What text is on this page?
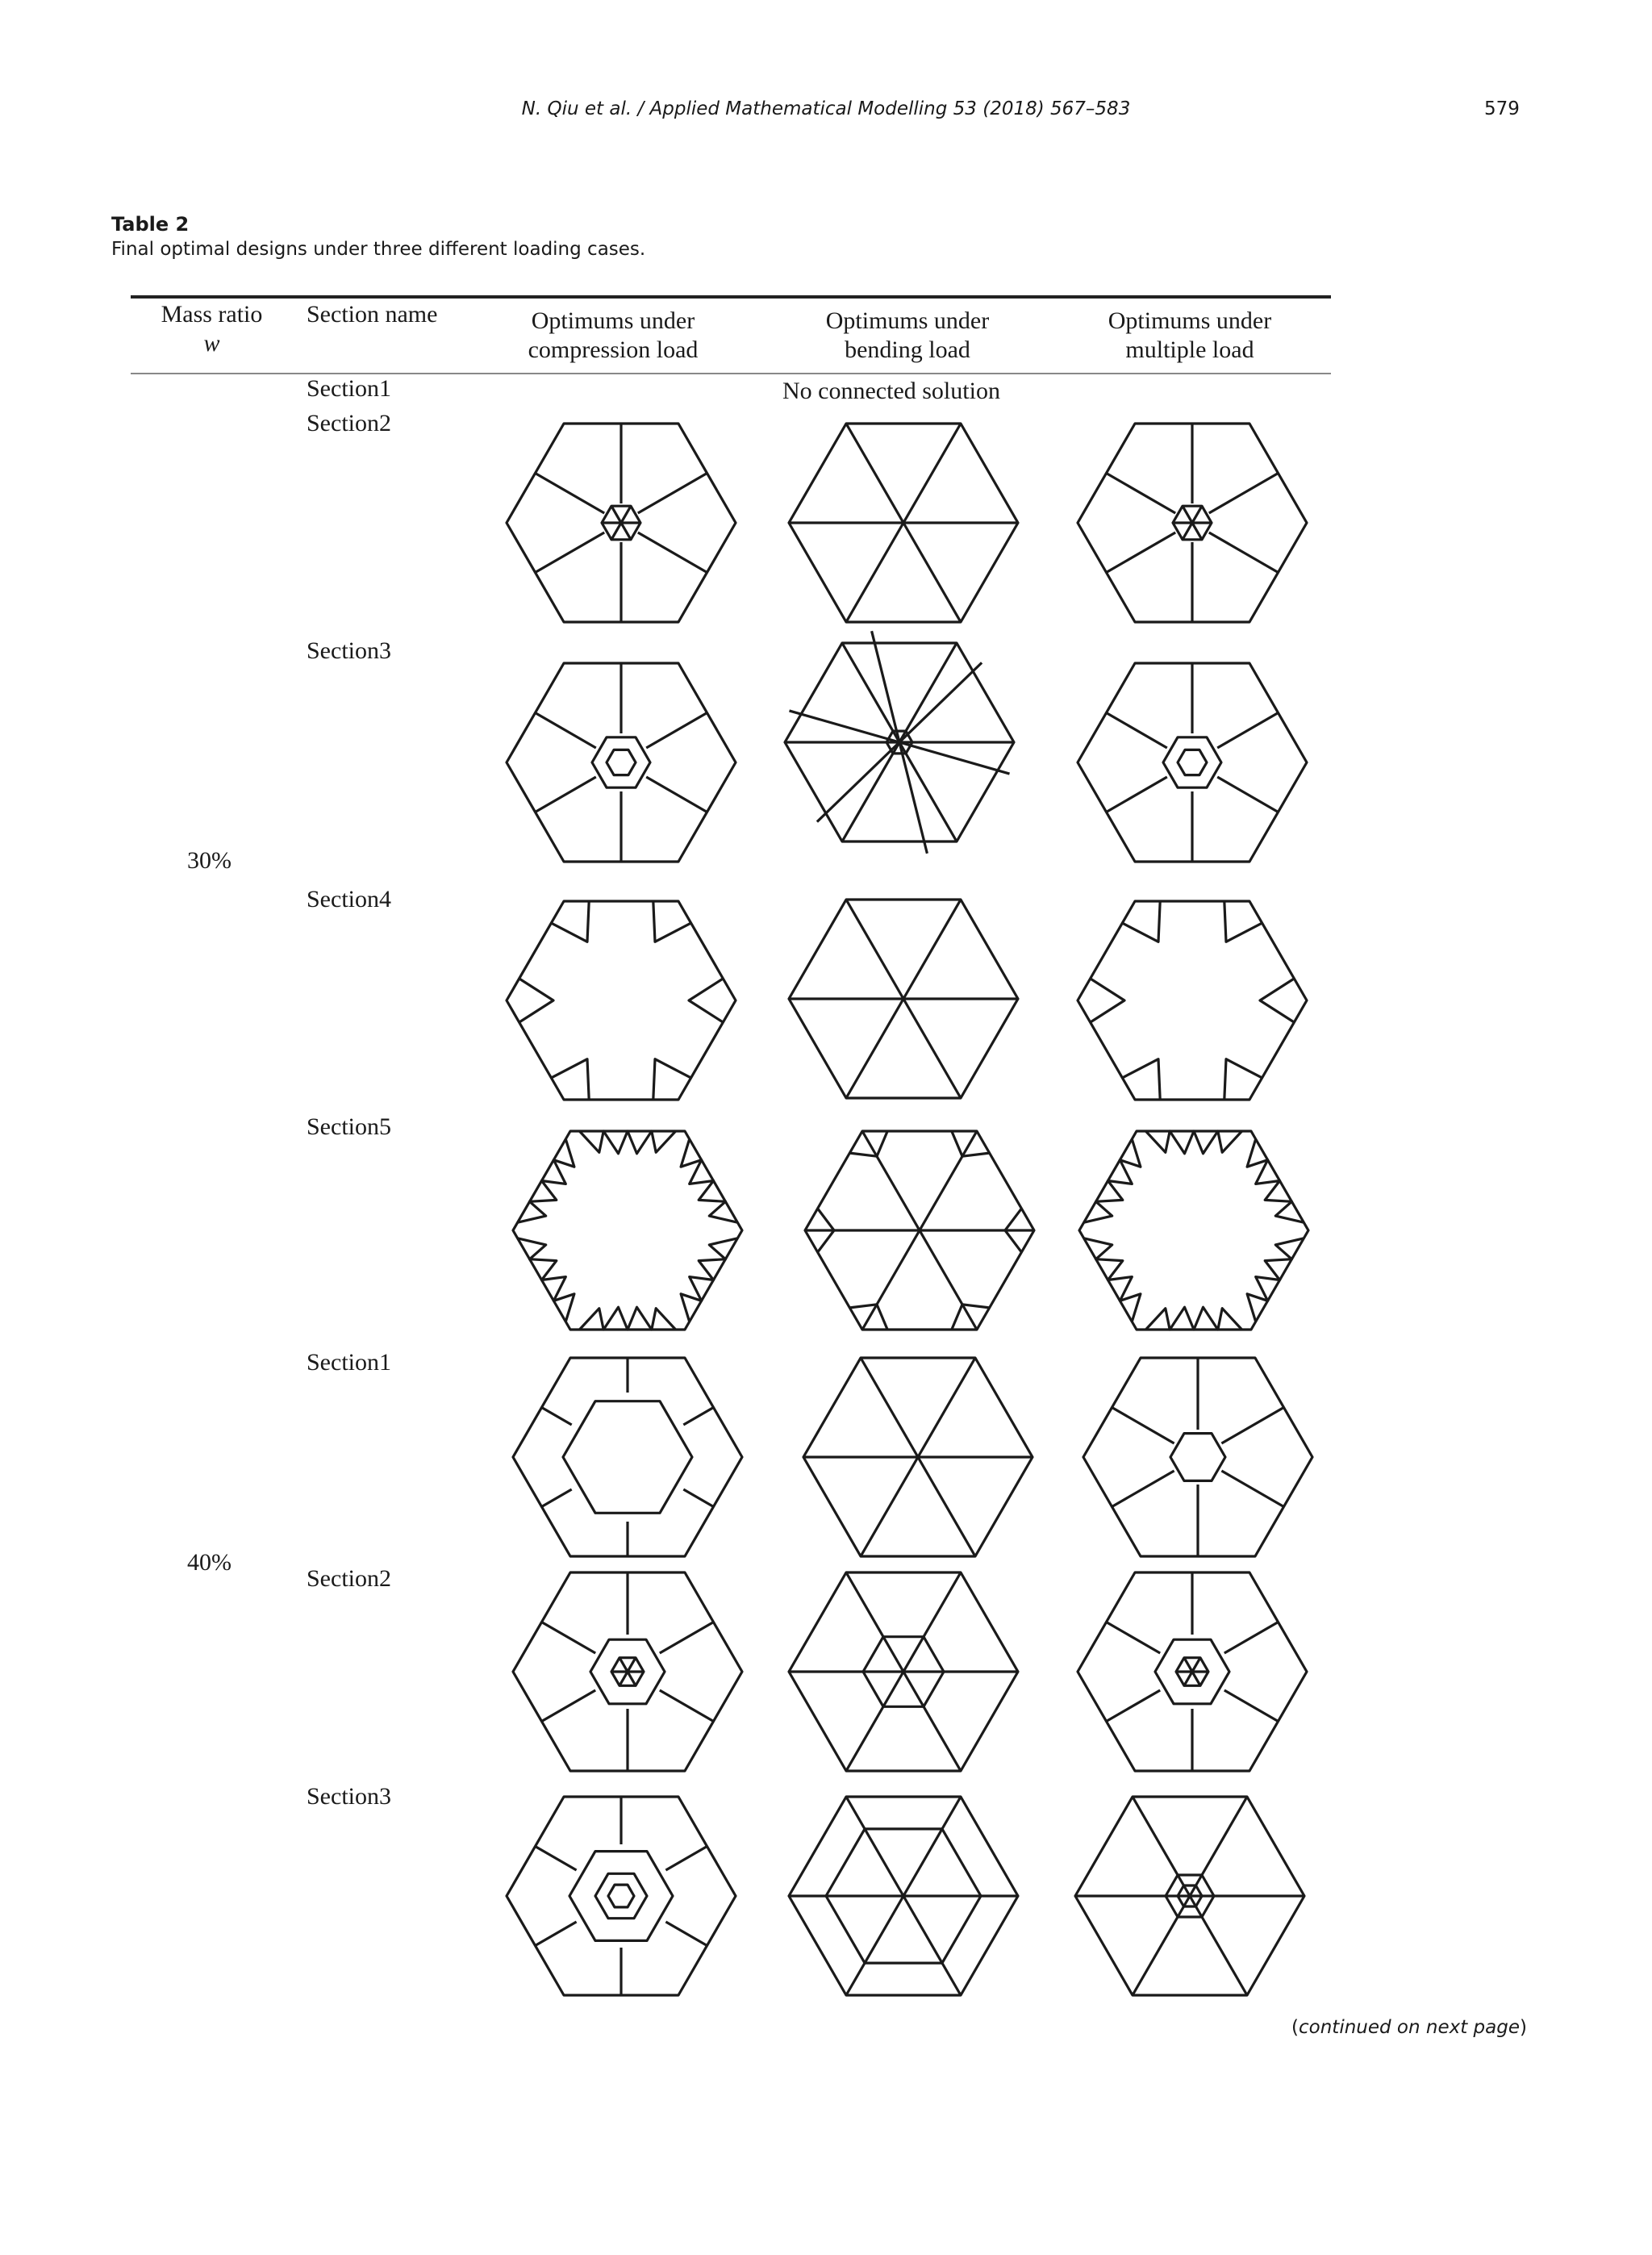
N. Qiu et al. / Applied Mathematical Modelling 53 (2018) 567–583	579
Table 2
Final optimal designs under three different loading cases.
Mass ratio
w
Section name	Optimums under
compression load
Optimums under
bending load
Optimums under
multiple load
30%
40%
Section1
Section2
Section3
Section4
Section5
Section1
Section2
Section3
No connected solution
(continued on next page)
